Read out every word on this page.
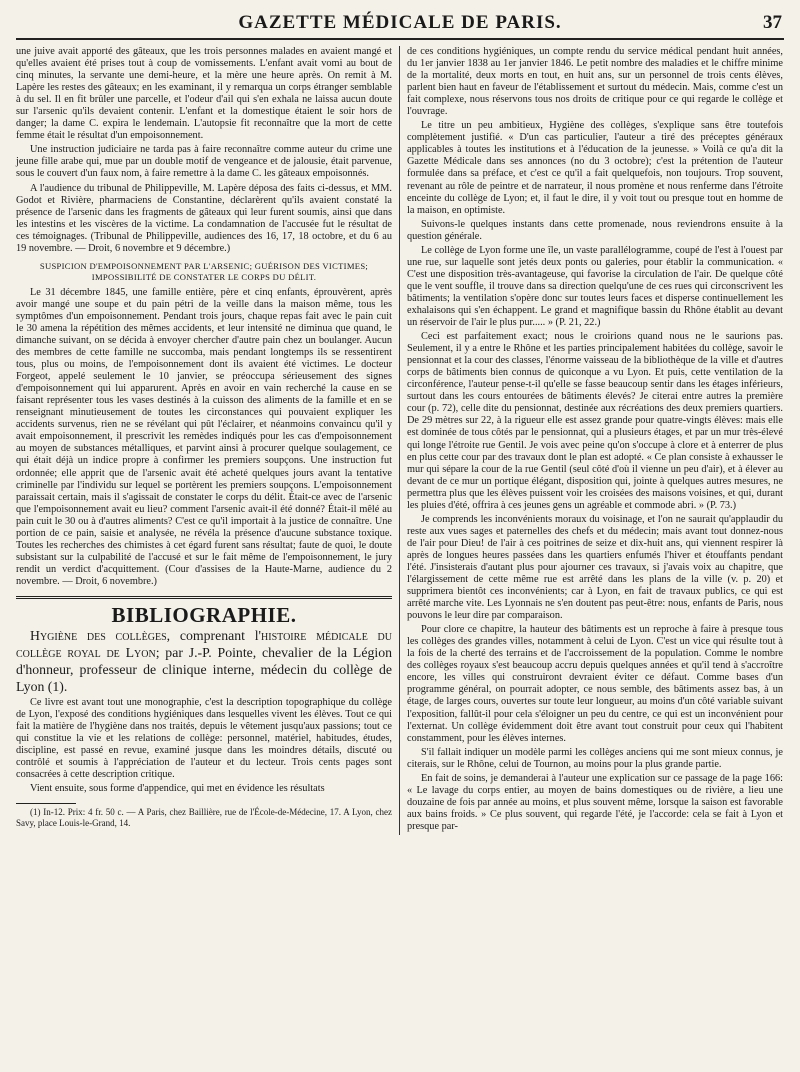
GAZETTE MÉDICALE DE PARIS.	37

une juive avait apporté des gâteaux, que les trois personnes malades en avaient mangé et qu'elles avaient été prises tout à coup de vomissements. L'enfant avait vomi au bout de cinq minutes, la servante une demi-heure, et la mère une heure après. On remit à M. Lapère les restes des gâteaux; en les examinant, il y remarqua un corps étranger semblable à du sel. Il en fit brûler une parcelle, et l'odeur d'ail qui s'en exhala ne laissa aucun doute sur l'arsenic qu'ils devaient contenir. L'enfant et la domestique étaient le soir hors de danger; la dame C. expira le lendemain. L'autopsie fit reconnaître que la mort de cette femme était le résultat d'un empoisonnement.

Une instruction judiciaire ne tarda pas à faire reconnaître comme auteur du crime une jeune fille arabe qui, mue par un double motif de vengeance et de jalousie, était parvenue, sous le couvert d'un faux nom, à faire remettre à la dame C. les gâteaux empoisonnés.

A l'audience du tribunal de Philippeville, M. Lapère déposa des faits ci-dessus, et MM. Godot et Rivière, pharmaciens de Constantine, déclarèrent qu'ils avaient constaté la présence de l'arsenic dans les fragments de gâteaux qui leur furent soumis, ainsi que dans les intestins et les viscères de la victime. La condamnation de l'accusée fut le résultat de ces témoignages. (Tribunal de Philippeville, audiences des 16, 17, 18 octobre, et du 6 au 19 novembre. — Droit, 6 novembre et 9 décembre.)

SUSPICION D'EMPOISONNEMENT PAR L'ARSENIC; GUÉRISON DES VICTIMES; IMPOSSIBILITÉ DE CONSTATER LE CORPS DU DÉLIT.

Le 31 décembre 1845, une famille entière, père et cinq enfants, éprouvèrent, après avoir mangé une soupe et du pain pétri de la veille dans la maison même, tous les symptômes d'un empoisonnement. Pendant trois jours, chaque repas fait avec le pain cuit le 30 amena la répétition des mêmes accidents, et leur intensité ne diminua que quand, le dimanche suivant, on se décida à envoyer chercher d'autre pain chez un boulanger. Aucun des membres de cette famille ne succomba, mais pendant longtemps ils se ressentirent tous, plus ou moins, de l'empoisonnement dont ils avaient été victimes. Le docteur Forgeot, appelé seulement le 10 janvier, se préoccupa sérieusement des signes d'empoisonnement qui lui apparurent. Après en avoir en vain recherché la cause en se faisant représenter tous les vases destinés à la cuisson des aliments de la famille et en se renseignant minutieusement de toutes les circonstances qui pouvaient expliquer les accidents survenus, rien ne se révélant qui pût l'éclairer, et néanmoins convaincu qu'il y avait empoisonnement, il prescrivit les remèdes indiqués pour les cas d'empoisonnement au moyen de substances métalliques, et parvint ainsi à procurer quelque soulagement, ce qui était déjà un indice propre à confirmer les premiers soupçons. Une instruction fut ordonnée; elle apprit que de l'arsenic avait été acheté quelques jours avant la tentative criminelle par l'individu sur lequel se portèrent les premiers soupçons. L'empoisonnement paraissait certain, mais il s'agissait de constater le corps du délit. Était-ce avec de l'arsenic que l'empoisonnement avait eu lieu? comment l'arsenic avait-il été donné? Était-il mêlé au pain cuit le 30 ou à d'autres aliments? C'est ce qu'il importait à la justice de connaître. Une portion de ce pain, saisie et analysée, ne révéla la présence d'aucune substance toxique. Toutes les recherches des chimistes à cet égard furent sans résultat; faute de quoi, le doute subsistant sur la culpabilité de l'accusé et sur le fait même de l'empoisonnement, le jury rendit un verdict d'acquittement. (Cour d'assises de la Haute-Marne, audience du 2 novembre. — Droit, 6 novembre.)

BIBLIOGRAPHIE.

Hygiène des collèges, comprenant l'histoire médicale du collège royal de Lyon; par J.-P. Pointe, chevalier de la Légion d'honneur, professeur de clinique interne, médecin du collège de Lyon (1).

Ce livre est avant tout une monographie, c'est la description topographique du collège de Lyon, l'exposé des conditions hygiéniques dans lesquelles vivent les élèves. Tout ce qui fait la matière de l'hygiène dans nos traités, depuis le vêtement jusqu'aux passions; tout ce qui constitue la vie et les relations de collège: personnel, matériel, habitudes, études, discipline, est passé en revue, examiné jusque dans les moindres détails, discuté ou contrôlé et soumis à l'appréciation de l'auteur et du lecteur. Trois cents pages sont consacrées à cette description critique.

Vient ensuite, sous forme d'appendice, qui met en évidence les résultats

(1) In-12. Prix: 4 fr. 50 c. — A Paris, chez Baillière, rue de l'École-de-Médecine, 17. A Lyon, chez Savy, place Louis-le-Grand, 14.

de ces conditions hygiéniques, un compte rendu du service médical pendant huit années, du 1er janvier 1838 au 1er janvier 1846. Le petit nombre des maladies et le chiffre minime de la mortalité, deux morts en tout, en huit ans, sur un personnel de trois cents élèves, parlent bien haut en faveur de l'établissement et surtout du médecin. Mais, comme c'est un fait complexe, nous réservons tous nos droits de critique pour ce qui regarde le collège et l'ouvrage.

Le titre un peu ambitieux, Hygiène des collèges, s'explique sans être toutefois complètement justifié. « D'un cas particulier, l'auteur a tiré des préceptes généraux applicables à toutes les institutions et à l'éducation de la jeunesse. » Voilà ce qu'a dit la Gazette Médicale dans ses annonces (no du 3 octobre); c'est la prétention de l'auteur formulée dans sa préface, et c'est ce qu'il a fait quelquefois, non toujours. Trop souvent, revenant au rôle de peintre et de narrateur, il nous promène et nous renferme dans l'étroite enceinte du collège de Lyon; et, il faut le dire, il y voit tout ou presque tout en homme de la maison, en optimiste.

Suivons-le quelques instants dans cette promenade, nous reviendrons ensuite à la question générale.

Le collège de Lyon forme une île, un vaste parallélogramme, coupé de l'est à l'ouest par une rue, sur laquelle sont jetés deux ponts ou galeries, pour établir la communication. « C'est une disposition très-avantageuse, qui favorise la circulation de l'air. De quelque côté que le vent souffle, il trouve dans sa direction quelqu'une de ces rues qui circonscrivent les bâtiments; la ventilation s'opère donc sur toutes leurs faces et disperse continuellement les exhalaisons qui s'en échappent. Le grand et magnifique bassin du Rhône établit au devant un réservoir de l'air le plus pur..... » (P. 21, 22.)

Ceci est parfaitement exact; nous le croirions quand nous ne le saurions pas. Seulement, il y a entre le Rhône et les parties principalement habitées du collège, savoir le pensionnat et la cour des classes, l'énorme vaisseau de la bibliothèque de la ville et d'autres corps de bâtiments bien connus de quiconque a vu Lyon. Et puis, cette ventilation de la circonférence, l'auteur pense-t-il qu'elle se fasse beaucoup sentir dans les étages inférieurs, surtout dans les cours entourées de bâtiments élevés? Je citerai entre autres la première cour (p. 72), celle dite du pensionnat, destinée aux récréations des deux premiers quartiers. De 29 mètres sur 22, à la rigueur elle est assez grande pour quatre-vingts élèves: mais elle est dominée de tous côtés par le pensionnat, qui a plusieurs étages, et par un mur très-élevé qui longe l'étroite rue Gentil. Je vois avec peine qu'on s'occupe à clore et à enterrer de plus en plus cette cour par des travaux dont le plan est adopté. « Ce plan consiste à exhausser le mur qui sépare la cour de la rue Gentil (seul côté d'où il vienne un peu d'air), et à élever au devant de ce mur un portique élégant, disposition qui, jointe à quelques autres mesures, ne permettra plus que les élèves puissent voir les croisées des maisons voisines, et qui, durant les pluies d'été, offrira à ces jeunes gens un agréable et commode abri. » (P. 73.)

Je comprends les inconvénients moraux du voisinage, et l'on ne saurait qu'applaudir du reste aux vues sages et paternelles des chefs et du médecin; mais avant tout donnez-nous de l'air pour Dieu! de l'air à ces poitrines de seize et dix-huit ans, qui viennent respirer là après de longues heures passées dans les quartiers enfumés l'hiver et étouffants pendant l'été. J'insisterais d'autant plus pour ajourner ces travaux, si j'avais voix au chapitre, que l'élargissement de cette même rue est arrêté dans les plans de la ville (v. p. 20) et supprimera bientôt ces inconvénients; car à Lyon, en fait de travaux publics, ce qui est arrêté marche vite. Les Lyonnais ne s'en doutent pas peut-être: nous, enfants de Paris, nous pouvons le leur dire par comparaison.

Pour clore ce chapitre, la hauteur des bâtiments est un reproche à faire à presque tous les collèges des grandes villes, notamment à celui de Lyon. C'est un vice qui résulte tout à la fois de la cherté des terrains et de l'accroissement de la population. Comme le nombre des collèges royaux s'est beaucoup accru depuis quelques années et qu'il tend à s'accroître encore, les villes qui construiront devraient éviter ce défaut. Comme bases d'un programme général, on pourrait adopter, ce nous semble, des bâtiments assez bas, à un étage, de larges cours, ouvertes sur toute leur longueur, au moins d'un côté variable suivant l'exposition, fallût-il pour cela s'éloigner un peu du centre, ce qui est un inconvénient pour l'externat. Un collège évidemment doit être avant tout construit pour ceux qui l'habitent constamment, pour les élèves internes.

S'il fallait indiquer un modèle parmi les collèges anciens qui me sont mieux connus, je citerais, sur le Rhône, celui de Tournon, au moins pour la plus grande partie.

En fait de soins, je demanderai à l'auteur une explication sur ce passage de la page 166: « Le lavage du corps entier, au moyen de bains domestiques ou de rivière, a lieu une douzaine de fois par année au moins, et plus souvent même, lorsque la saison est favorable aux bains froids. » Ce plus souvent, qui regarde l'été, je l'accorde: cela se fait à Lyon et presque par-
